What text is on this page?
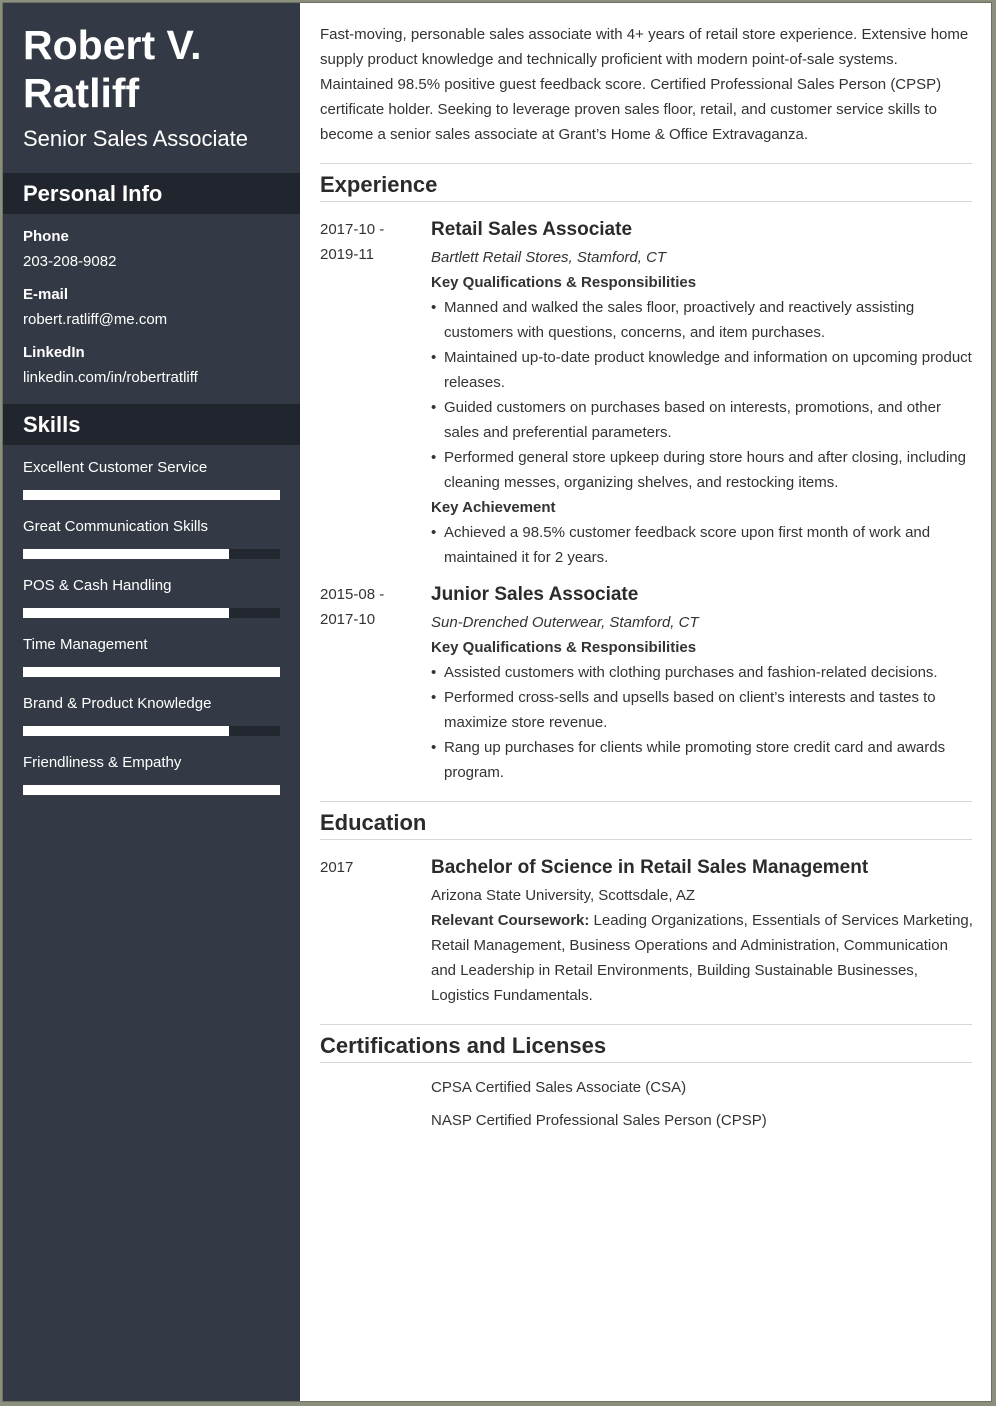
Robert V. Ratliff
Senior Sales Associate
Personal Info
Phone
203-208-9082
E-mail
robert.ratliff@me.com
LinkedIn
linkedin.com/in/robertratliff
Skills
Excellent Customer Service
Great Communication Skills
POS & Cash Handling
Time Management
Brand & Product Knowledge
Friendliness & Empathy
Fast-moving, personable sales associate with 4+ years of retail store experience. Extensive home supply product knowledge and technically proficient with modern point-of-sale systems. Maintained 98.5% positive guest feedback score. Certified Professional Sales Person (CPSP) certificate holder. Seeking to leverage proven sales floor, retail, and customer service skills to become a senior sales associate at Grant’s Home & Office Extravaganza.
Experience
2017-10 -
2019-11
Retail Sales Associate
Bartlett Retail Stores, Stamford, CT
Key Qualifications & Responsibilities
• Manned and walked the sales floor, proactively and reactively assisting customers with questions, concerns, and item purchases.
• Maintained up-to-date product knowledge and information on upcoming product releases.
• Guided customers on purchases based on interests, promotions, and other sales and preferential parameters.
• Performed general store upkeep during store hours and after closing, including cleaning messes, organizing shelves, and restocking items.
Key Achievement
• Achieved a 98.5% customer feedback score upon first month of work and maintained it for 2 years.
2015-08 -
2017-10
Junior Sales Associate
Sun-Drenched Outerwear, Stamford, CT
Key Qualifications & Responsibilities
• Assisted customers with clothing purchases and fashion-related decisions.
• Performed cross-sells and upsells based on client’s interests and tastes to maximize store revenue.
• Rang up purchases for clients while promoting store credit card and awards program.
Education
2017	Bachelor of Science in Retail Sales Management
Arizona State University, Scottsdale, AZ
Relevant Coursework: Leading Organizations, Essentials of Services Marketing, Retail Management, Business Operations and Administration, Communication and Leadership in Retail Environments, Building Sustainable Businesses, Logistics Fundamentals.
Certifications and Licenses
CPSA Certified Sales Associate (CSA)
NASP Certified Professional Sales Person (CPSP)
